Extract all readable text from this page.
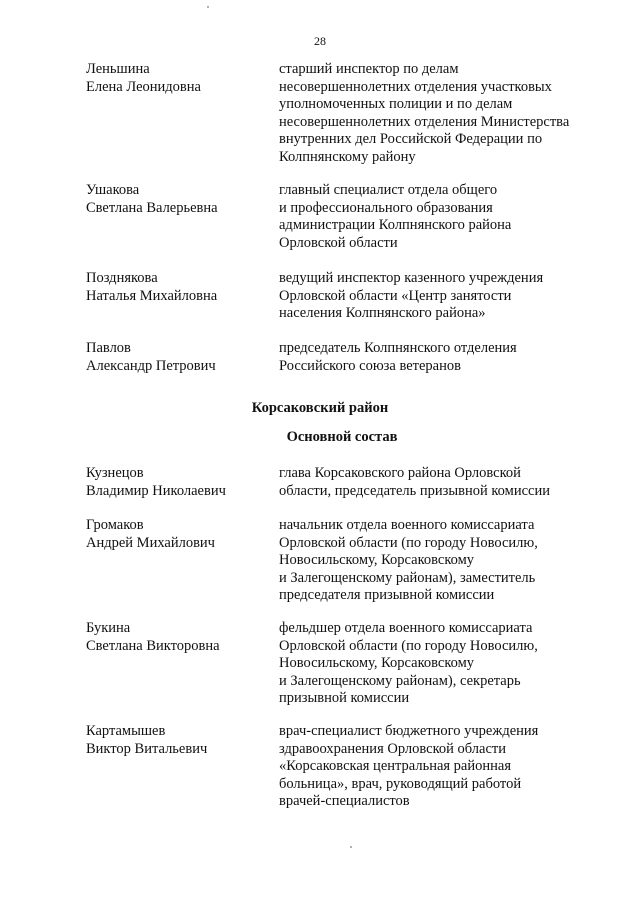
28
Леньшина
Елена Леонидовна
старший инспектор по делам
несовершеннолетних отделения участковых
уполномоченных полиции и по делам
несовершеннолетних отделения Министерства
внутренних дел Российской Федерации по
Колпнянскому району
Ушакова
Светлана Валерьевна
главный специалист отдела общего
и профессионального образования
администрации Колпнянского района
Орловской области
Позднякова
Наталья Михайловна
ведущий инспектор казенного учреждения
Орловской области «Центр занятости
населения Колпнянского района»
Павлов
Александр Петрович
председатель Колпнянского отделения
Российского союза ветеранов
Корсаковский район
Основной состав
Кузнецов
Владимир Николаевич
глава Корсаковского района Орловской
области, председатель призывной комиссии
Громаков
Андрей Михайлович
начальник отдела военного комиссариата
Орловской области (по городу Новосилю,
Новосильскому, Корсаковскому
и Залегощенскому районам), заместитель
председателя призывной комиссии
Букина
Светлана Викторовна
фельдшер отдела военного комиссариата
Орловской области (по городу Новосилю,
Новосильскому, Корсаковскому
и Залегощенскому районам), секретарь
призывной комиссии
Картамышев
Виктор Витальевич
врач-специалист бюджетного учреждения
здравоохранения Орловской области
«Корсаковская центральная районная
больница», врач, руководящий работой
врачей-специалистов
